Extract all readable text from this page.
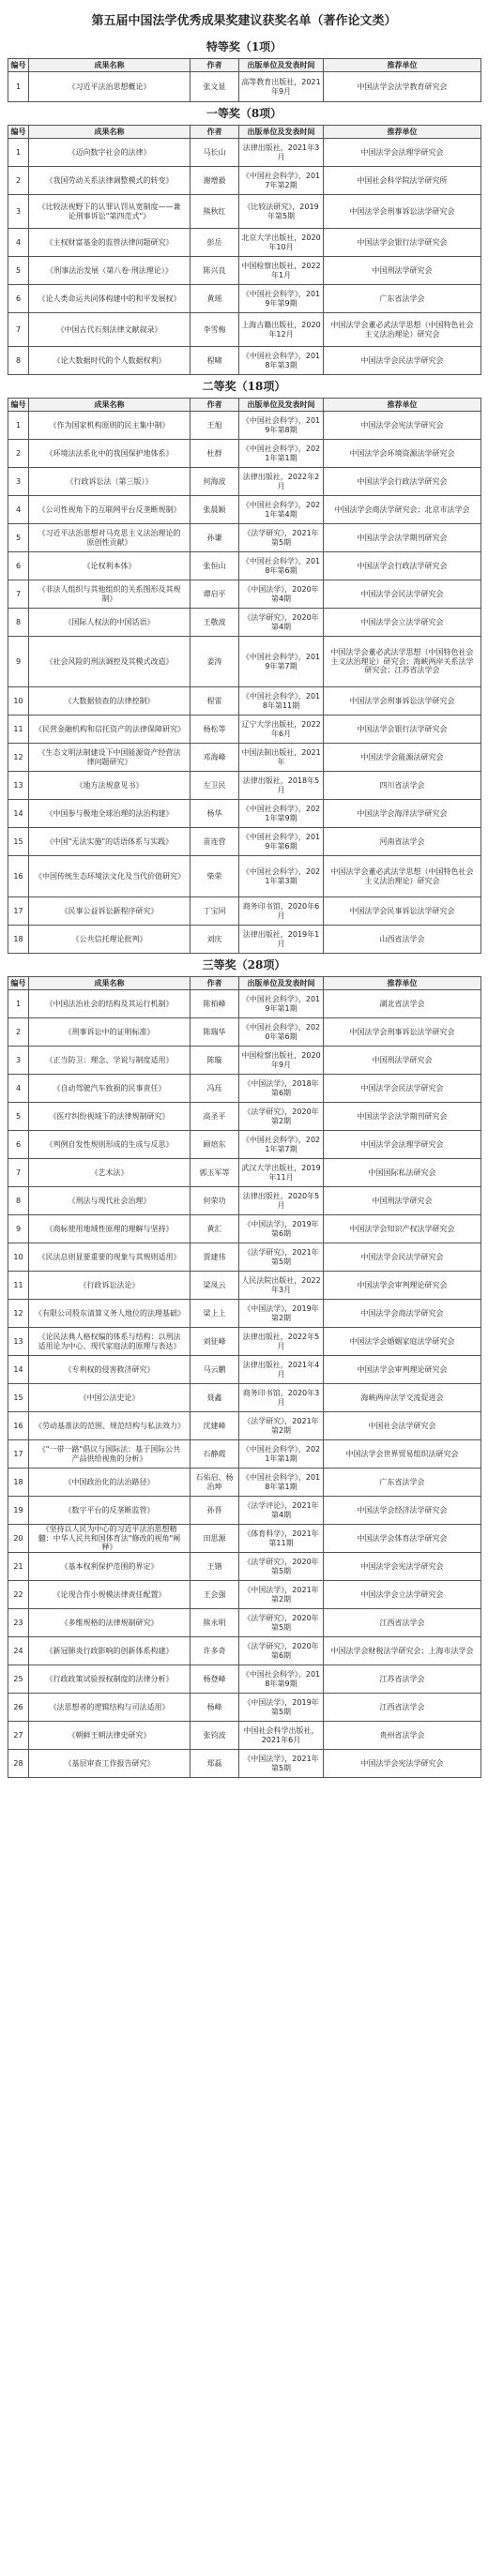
第五届中国法学优秀成果奖建议获奖名单（著作论文类）
特等奖（1项）
编号	成果名称	作者	出版单位及发表时间	推荐单位
1	《习近平法治思想概论》	张文显	高等教育出版社，2021年9月	中国法学会法学教育研究会
一等奖（8项）
编号	成果名称	作者	出版单位及发表时间	推荐单位
1	《迈向数字社会的法律》	马长山	法律出版社，2021年3月	中国法学会法理学研究会
2	《我国劳动关系法律调整模式的转变》	谢增毅	《中国社会科学》，2017年第2期	中国社会科学院法学研究所
3	《比较法视野下的认罪认罚从宽制度——兼论刑事诉讼"第四范式"》	熊秋红	《比较法研究》，2019年第5期	中国法学会刑事诉讼法学研究会
4	《主权财富基金的监管法律问题研究》	彭岳	北京大学出版社，2020年10月	中国法学会银行法学研究会
5	《刑事法治发展（第八卷·刑法理论）》	陈兴良	中国检察出版社，2022年1月	中国刑法学研究会
6	《论人类命运共同体构建中的和平发展权》	黄瑶	《中国社会科学》，2019年第9期	广东省法学会
7	《中国古代石刻法律文献叙录》	李雪梅	上海古籍出版社，2020年12月	中国法学会董必武法学思想（中国特色社会主义法治理论）研究会
8	《论大数据时代的个人数据权利》	程啸	《中国社会科学》，2018年第3期	中国法学会民法学研究会
二等奖（18项）
编号	成果名称	作者	出版单位及发表时间	推荐单位
1	《作为国家机构原则的民主集中制》	王旭	《中国社会科学》，2019年第8期	中国法学会宪法学研究会
2	《环境法法系化中的我国保护地体系》	杜群	《中国社会科学》，2021年第1期	中国法学会环境资源法学研究会
3	《行政诉讼法（第三版）》	何海波	法律出版社，2022年2月	中国法学会行政法学研究会
4	《公司性视角下的互联网平台反垄断规制》	张晨颖	《中国社会科学》，2021年第4期	中国法学会商法学研究会；北京市法学会
5	《习近平法治思想对马克思主义法治理论的原创性贡献》	孙谦	《法学研究》，2021年第5期	中国法学会法学期刊研究会
6	《论权利本体》	张恒山	《中国社会科学》，2018年第6期	中国法学会行政法学研究会
7	《非法人组织与其他组织的关系图形及其规制》	谭启平	《中国法学》，2020年第4期	中国法学会民法学研究会
8	《国际人权法的中国话语》	王敬波	《法学研究》，2020年第4期	中国法学会立法学研究会
9	《社会风险的刑法调控及其模式改造》	姜涛	《中国社会科学》，2019年第7期	中国法学会董必武法学思想（中国特色社会主义法治理论）研究会；海峡两岸关系法学研究会；江苏省法学会
10	《大数据侦查的法律控制》	程雷	《中国社会科学》，2018年第11期	中国法学会刑事诉讼法学研究会
11	《民营金融机构和信托资产的法律保障研究》	杨松等	辽宁大学出版社，2022年6月	中国法学会银行法学研究会
12	《生态文明法制建设下中国能源资产经营法律问题研究》	邓海峰	中国法制出版社，2021年	中国法学会能源法研究会
13	《地方法规意见书》	左卫民	法律出版社，2018年5月	四川省法学会
14	《中国参与极地全球治理的法治构建》	杨华	《中国社会科学》，2021年第9期	中国法学会海洋法学研究会
15	《中国"无法实施"的话语体系与实践》	苗连营	《中国社会科学》，2019年第6期	河南省法学会
16	《中国传统生态环境法文化及当代价值研究》	柴荣	《中国社会科学》，2021年第3期	中国法学会董必武法学思想（中国特色社会主义法治理论）研究会
17	《民事公益诉讼新程序研究》	丁宝同	商务印书馆，2020年6月	中国法学会民事诉讼法学研究会
18	《公共信托理论批判》	刘庆	法律出版社，2019年1月	山西省法学会
三等奖（28项）
编号	成果名称	作者	出版单位及发表时间	推荐单位
1	《中国法治社会的结构及其运行机制》	陈柏峰	《中国社会科学》，2019年第1期	湖北省法学会
2	《刑事诉讼中的证明标准》	陈瑞华	《中国社会科学》，2020年第6期	中国法学会刑事诉讼法学研究会
3	《正当防卫：理念、学说与制度适用》	陈璇	中国检察出版社，2020年9月	中国刑法学研究会
4	《自动驾驶汽车致损的民事责任》	冯珏	《中国法学》，2018年第6期	中国法学会民法学研究会
5	《医疗纠纷视域下的法律规制研究》	高圣平	《法学研究》，2020年第2期	中国法学会法学期刊研究会
6	《判例自发性规则形成的生成与反思》	顾培东	《中国社会科学》，2021年第7期	中国法学会法理学研究会
7	《艺术法》	郭玉军等	武汉大学出版社，2019年11月	中国国际私法研究会
8	《刑法与现代社会治理》	何荣功	法律出版社，2020年5月	中国刑法学研究会
9	《商标使用地域性原理的理解与坚持》	黄汇	《中国法学》，2019年第6期	中国法学会知识产权法学研究会
10	《民法总则显要重要的现象与其规则适用》	贾建伟	《法学研究》，2021年第5期	中国法学会民法学研究会
11	《行政诉讼法论》	梁凤云	人民法院出版社，2022年3月	中国法学会审判理论研究会
12	《有限公司股东清算义务人地位的法理基础》	梁上上	《中国法学》，2019年第2期	中国法学会商法学研究会
13	《论民法典人格权编的体系与结构：以刑法适用论为中心、现代家庭法的原理与表达》	刘征峰	法律出版社，2022年5月	中国法学会婚姻家庭法学研究会
14	《专利权的侵害救济研究》	马云鹏	法律出版社，2021年4月	中国法学会审判理论研究会
15	《中国公法史论》	聂鑫	商务印书馆，2020年3月	海峡两岸法学交流促进会
16	《劳动基准法的范围、规范结构与私法效力》	沈建峰	《法学研究》，2021年第2期	中国社会法学研究会
17	《"一带一路"倡议与国际法：基于国际公共产品供给视角的分析》	石静霞	《中国社会科学》，2021年第1期	中国法学会世界贸易组织法研究会
18	《中国政治化的法治路径》	石佑启、杨治坤	《中国社会科学》，2018年第1期	广东省法学会
19	《数字平台的反垄断监管》	孙晋	《法学评论》，2021年第4期	中国法学会经济法学研究会
20	《坚持以人民为中心的习近平法治思想精髓：中华人民共和国体育法"修改的视角"阐释》	田思源	《体育科学》，2021年第11期	中国法学会体育法学研究会
21	《基本权利保护范围的界定》	王锴	《法学研究》，2020年第5期	中国法学会宪法学研究会
22	《论现合作小规模法律责任配置》	王会强	《中国法学》，2021年第2期	中国法学会立法学研究会
23	《多维规格的法律规制研究》	熊永明	《法学研究》，2020年第5期	江西省法学会
24	《新冠肺炎行政影响的创新体系构建》	许多奇	《法学研究》，2020年第6期	中国法学会财税法学研究会；上海市法学会
25	《行政政策试验授权制度的法律分析》	杨登峰	《中国社会科学》，2018年第9期	江苏省法学会
26	《法思想者的逻辑结构与司法适用》	杨峰	《中国法学》，2019年第5期	江西省法学会
27	《朝鲜王朝法律史研究》	张钧波	中国社会科学出版社，2021年6月	贵州省法学会
28	《基层审查工作报告研究》	郑磊	《中国法学》，2021年第5期	中国法学会宪法学研究会
